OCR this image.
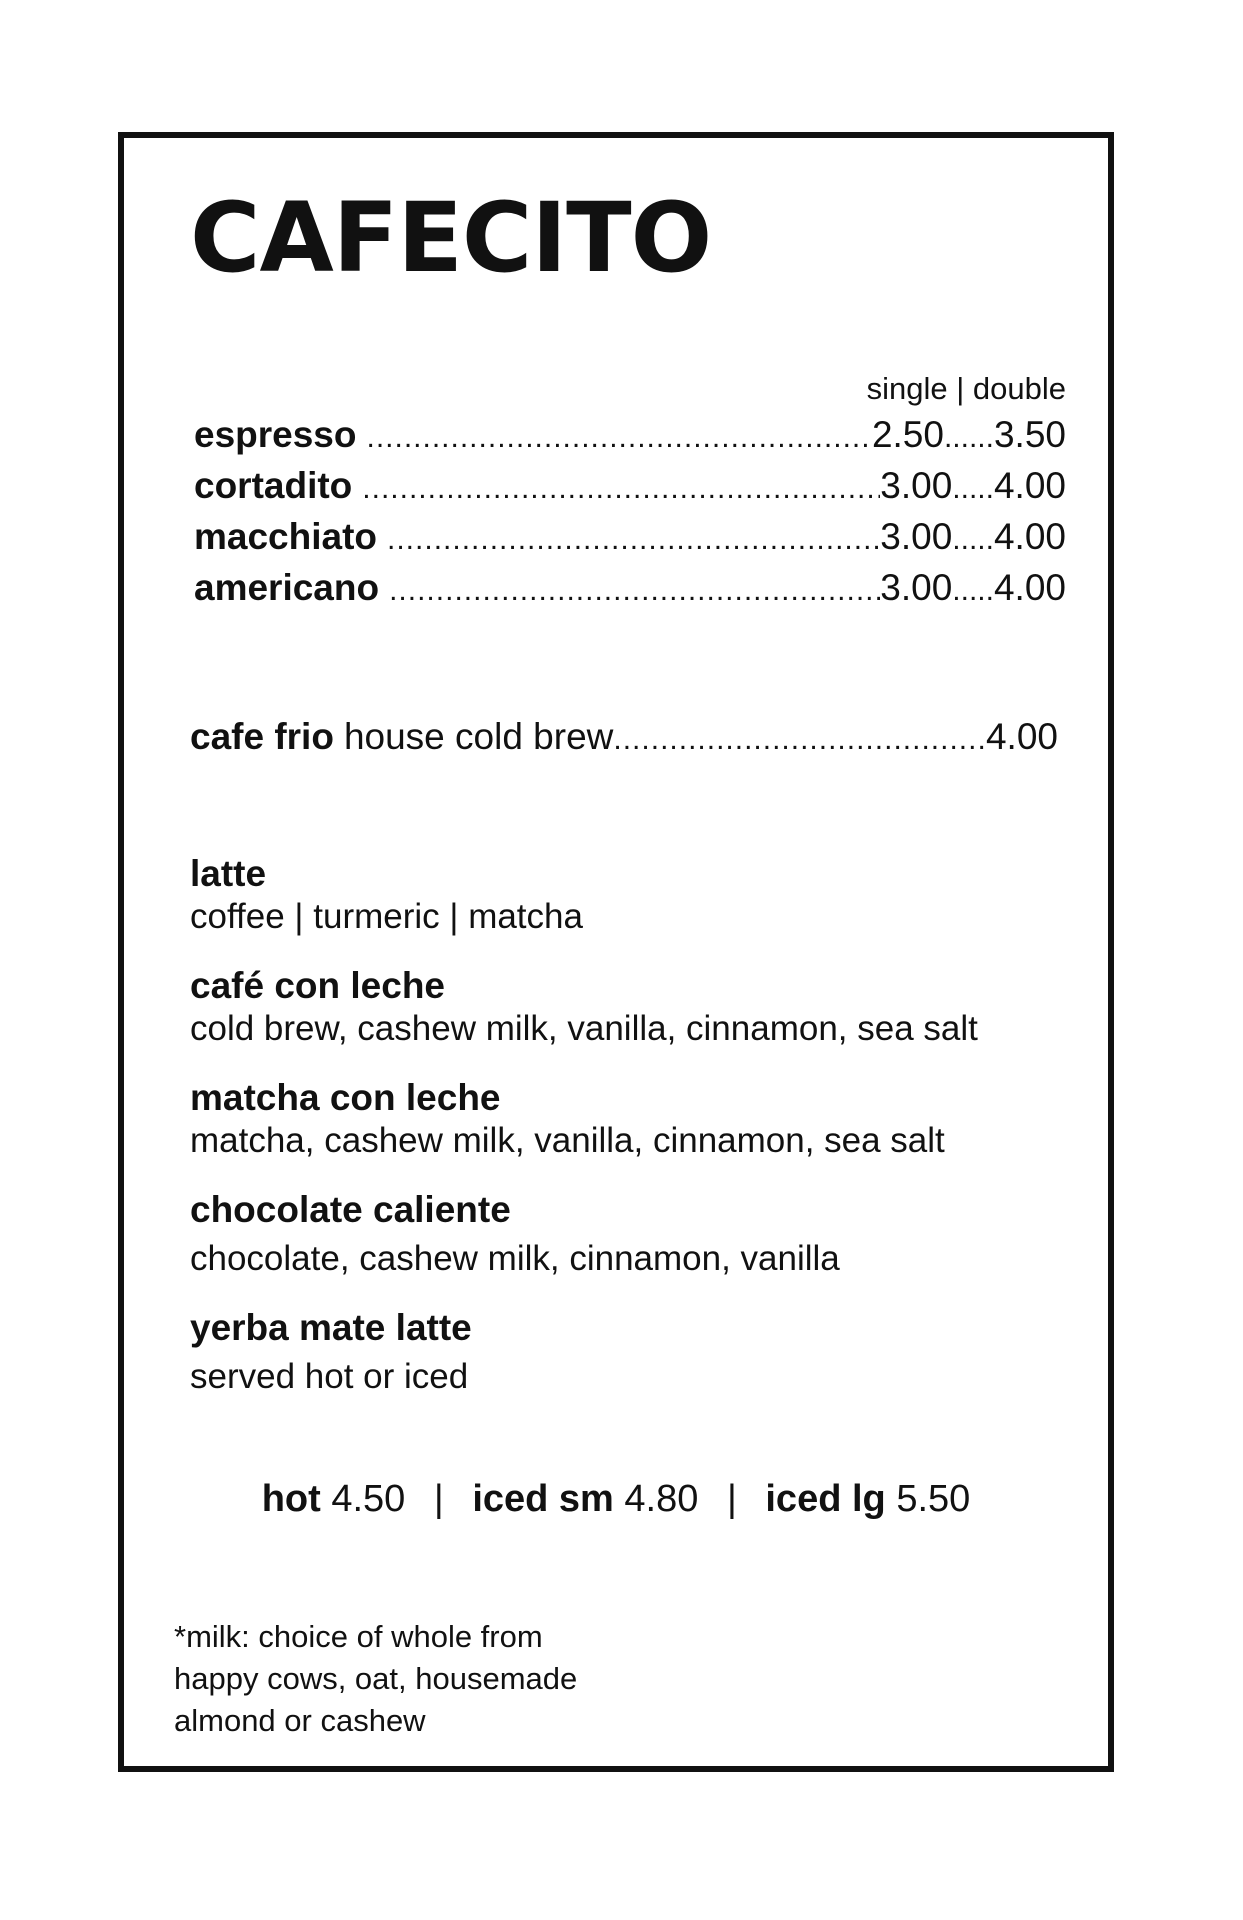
CAFECITO
single | double
espresso .....	2.50 ...... 3.50
cortadito .....	3.00 ..... 4.00
macchiato .....	3.00 ..... 4.00
americano .....	3.00 ..... 4.00
cafe frio house cold brew .....	4.00
latte
coffee | turmeric | matcha
café con leche
cold brew, cashew milk, vanilla, cinnamon, sea salt
matcha con leche
matcha, cashew milk, vanilla, cinnamon, sea salt
chocolate caliente
chocolate, cashew milk, cinnamon, vanilla
yerba mate latte
served hot or iced
hot 4.50 | iced sm 4.80 | iced lg 5.50
*milk: choice of whole from
happy cows, oat, housemade
almond or cashew
